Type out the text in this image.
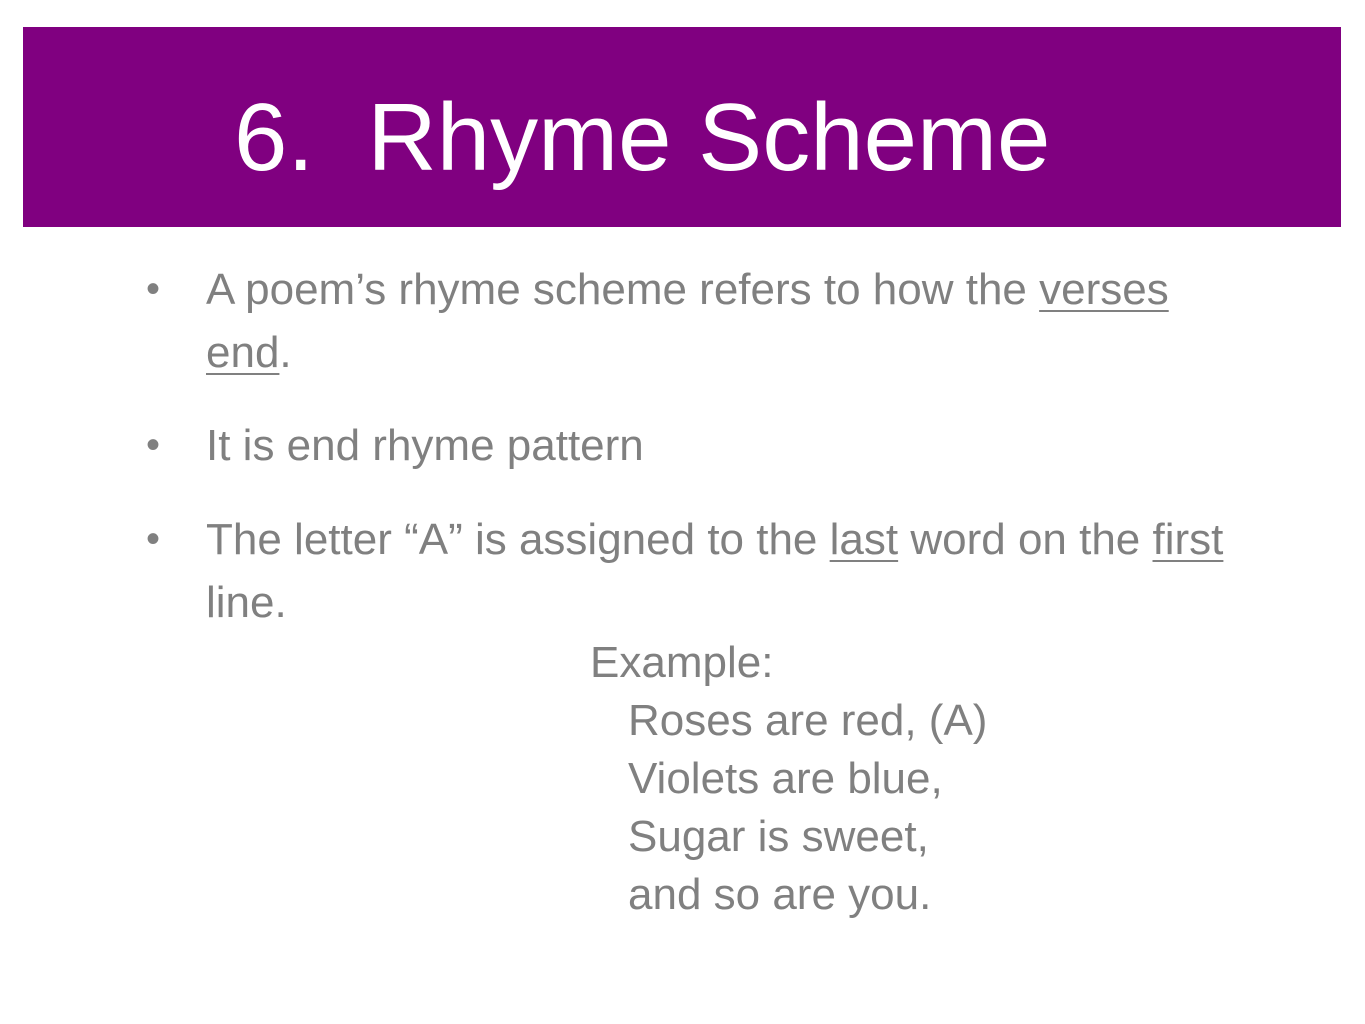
6.  Rhyme Scheme
• A poem’s rhyme scheme refers to how the verses end.
• It is end rhyme pattern
• The letter “A” is assigned to the last word on the first line.
Example:
Roses are red, (A)
Violets are blue,
Sugar is sweet,
and so are you.
